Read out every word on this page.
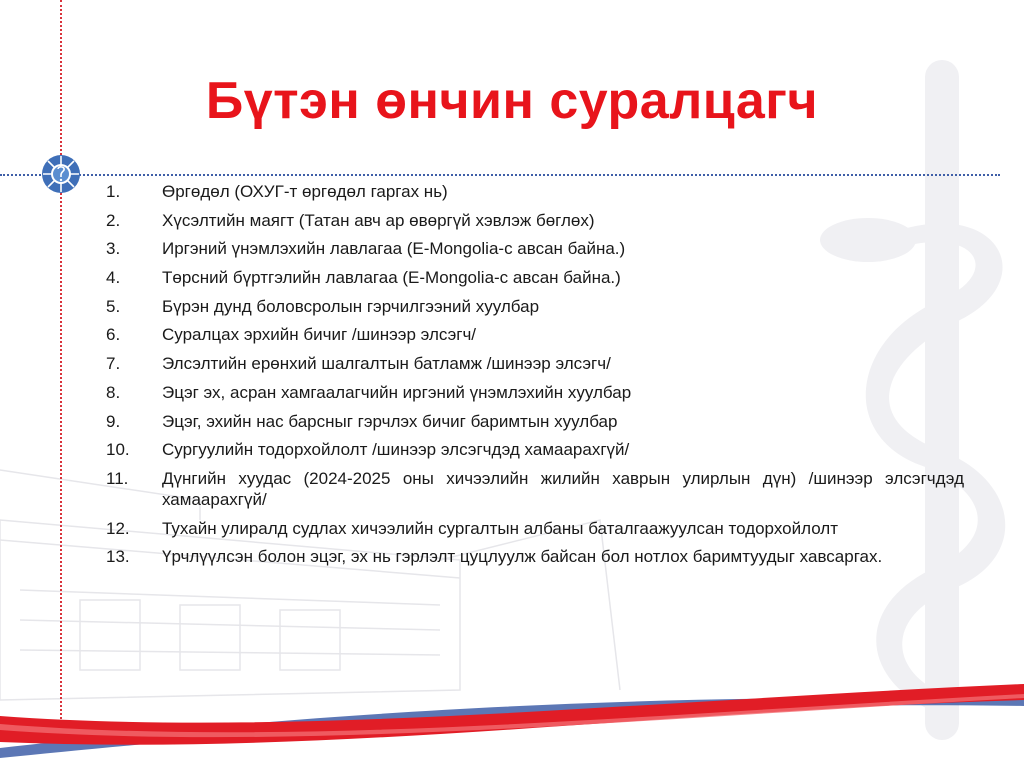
Бүтэн өнчин суралцагч
1.	Өргөдөл (ОХУГ-т өргөдөл гаргах нь)
2.	Хүсэлтийн маягт (Татан авч ар өвөргүй хэвлэж бөглөх)
3.	Иргэний үнэмлэхийн лавлагаа (E-Mongolia-с авсан байна.)
4.	Төрсний бүртгэлийн лавлагаа (E-Mongolia-с авсан байна.)
5.	Бүрэн дунд боловсролын гэрчилгээний хуулбар
6.	Суралцах эрхийн бичиг /шинээр элсэгч/
7.	Элсэлтийн ерөнхий шалгалтын батламж /шинээр элсэгч/
8.	Эцэг эх, асран хамгаалагчийн иргэний үнэмлэхийн хуулбар
9.	Эцэг, эхийн нас барсныг гэрчлэх бичиг баримтын хуулбар
10.	Сургуулийн тодорхойлолт /шинээр элсэгчдэд хамаарахгүй/
11.	Дүнгийн хуудас (2024-2025 оны хичээлийн жилийн хаврын улирлын дүн) /шинээр элсэгчдэд хамаарахгүй/
12.	Тухайн улиралд судлах хичээлийн сургалтын албаны баталгаажуулсан тодорхойлолт
13.	Үрчлүүлсэн болон эцэг, эх нь гэрлэлт цуцлуулж байсан бол нотлох баримтуудыг хавсаргах.
